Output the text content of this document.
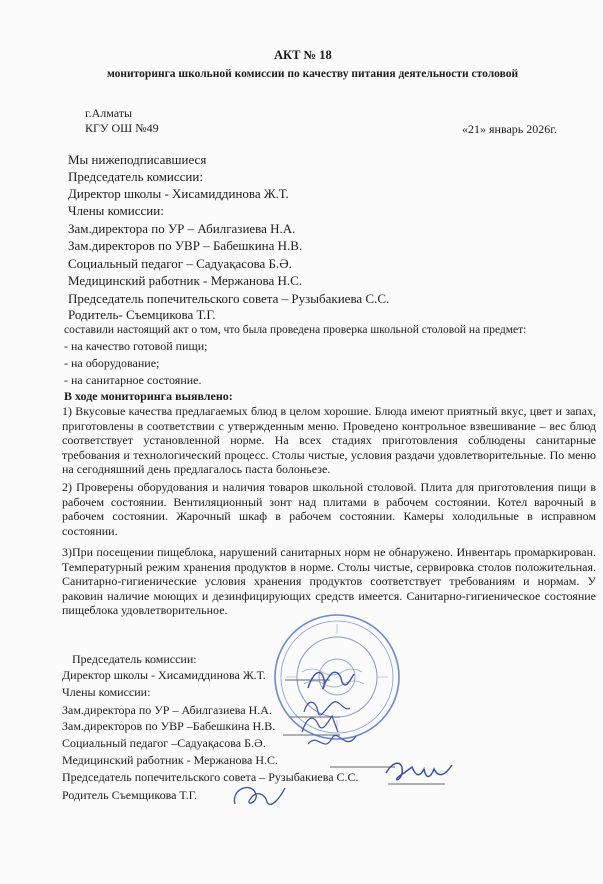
АКТ № 18
мониторинга школьной комиссии по качеству питания деятельности столовой
г.Алматы
КГУ ОШ №49	«21» январь 2026г.
Мы нижеподписавшиеся
Председатель комиссии:
Директор школы - Хисамиддинова Ж.Т.
Члены комиссии:
Зам.директора по УР – Абилгазиева Н.А.
Зам.директоров по УВР – Бабешкина Н.В.
Социальный педагог – Садуақасова Б.Ә.
Медицинский работник - Мержанова Н.С.
Председатель попечительского совета – Рузыбакиева С.С.
Родитель- Съемцикова Т.Г.
составили настоящий акт о том, что была проведена проверка школьной столовой на предмет:
- на качество готовой пищи;
- на оборудование;
- на санитарное состояние.
В ходе мониторинга выявлено:
1) Вкусовые качества предлагаемых блюд в целом хорошие. Блюда имеют приятный вкус, цвет и запах, приготовлены в соответствии с утвержденным меню. Проведено контрольное взвешивание – вес блюд соответствует установленной норме. На всех стадиях приготовления соблюдены санитарные требования и технологический процесс. Столы чистые, условия раздачи удовлетворительные. По меню на сегодняшний день предлагалось паста болоньезе.
2) Проверены оборудования и наличия товаров школьной столовой. Плита для приготовления пищи в рабочем состоянии. Вентиляционный зонт над плитами в рабочем состоянии. Котел варочный в рабочем состоянии. Жарочный шкаф в рабочем состоянии. Камеры холодильные в исправном состоянии.
3)При посещении пищеблока, нарушений санитарных норм не обнаружено. Инвентарь промаркирован. Температурный режим хранения продуктов в норме. Столы чистые, сервировка столов положительная. Санитарно-гигиенические условия хранения продуктов соответствует требованиям и нормам. У раковин наличие моющих и дезинфицирующих средств имеется. Санитарно-гигиеническое состояние пищеблока удовлетворительное.
Председатель комиссии:
Директор школы - Хисамиддинова Ж.Т.
Члены комиссии:
Зам.директора по УР – Абилгазиева Н.А.
Зам.директоров по УВР –Бабешкина Н.В.
Социальный педагог –Садуақасова Б.Ә.
Медицинский работник - Мержанова Н.С.
Председатель попечительского совета – Рузыбакиева С.С.
Родитель Съемщикова Т.Г.
